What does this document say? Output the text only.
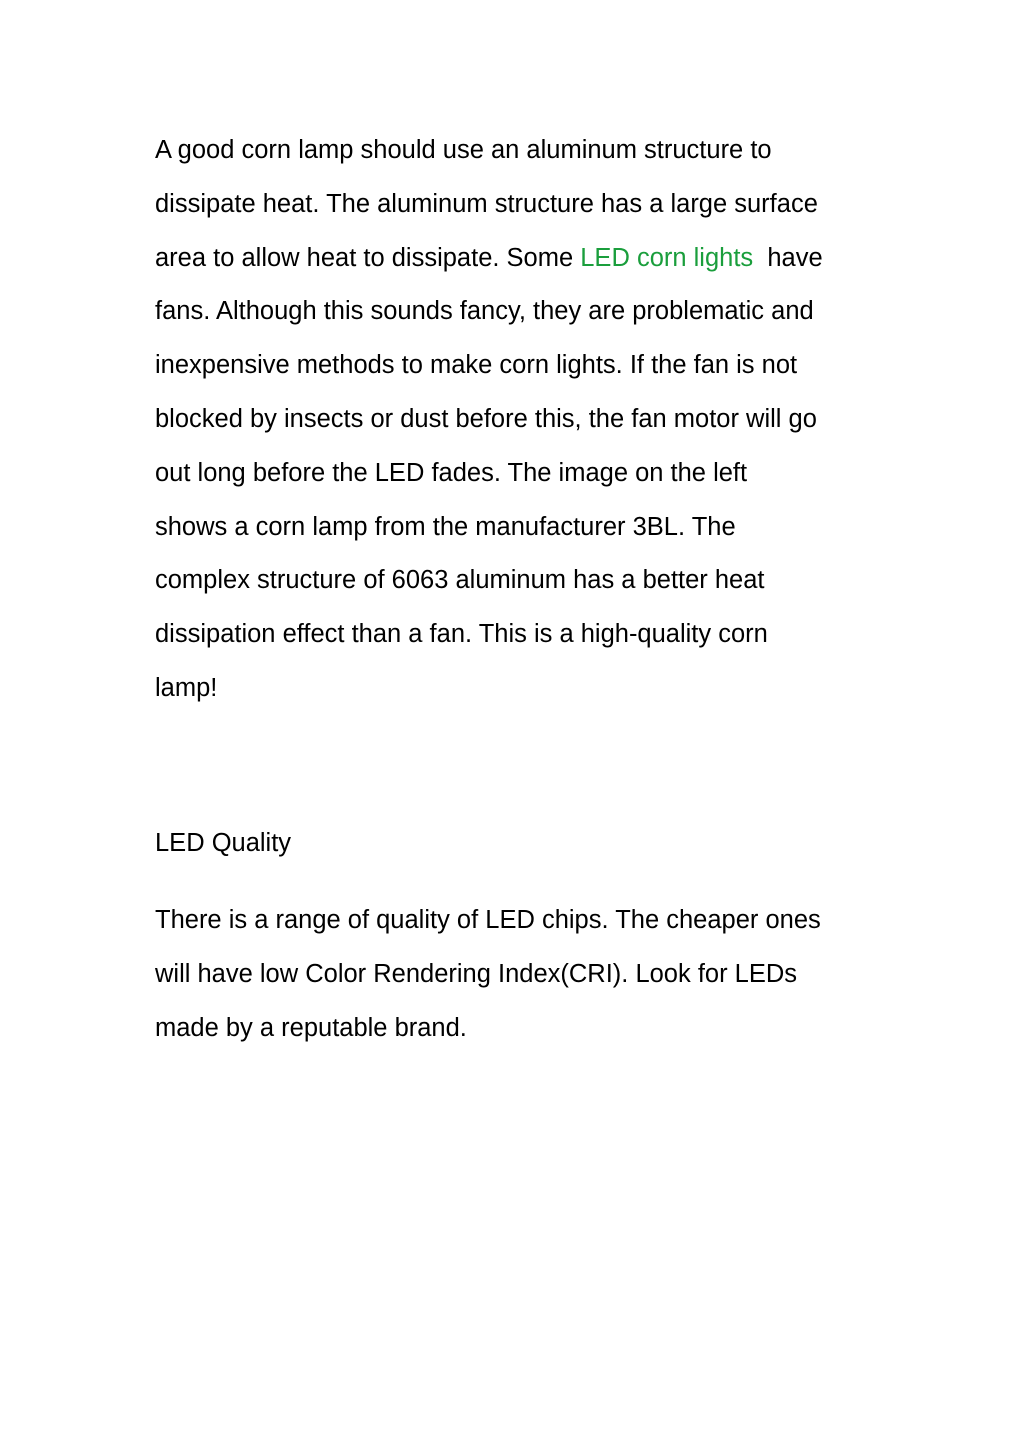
A good corn lamp should use an aluminum structure to
dissipate heat. The aluminum structure has a large surface
area to allow heat to dissipate. Some LED corn lights  have
fans. Although this sounds fancy, they are problematic and
inexpensive methods to make corn lights. If the fan is not
blocked by insects or dust before this, the fan motor will go
out long before the LED fades. The image on the left
shows a corn lamp from the manufacturer 3BL. The
complex structure of 6063 aluminum has a better heat
dissipation effect than a fan. This is a high-quality corn
lamp!
LED Quality
There is a range of quality of LED chips. The cheaper ones
will have low Color Rendering Index(CRI). Look for LEDs
made by a reputable brand.
